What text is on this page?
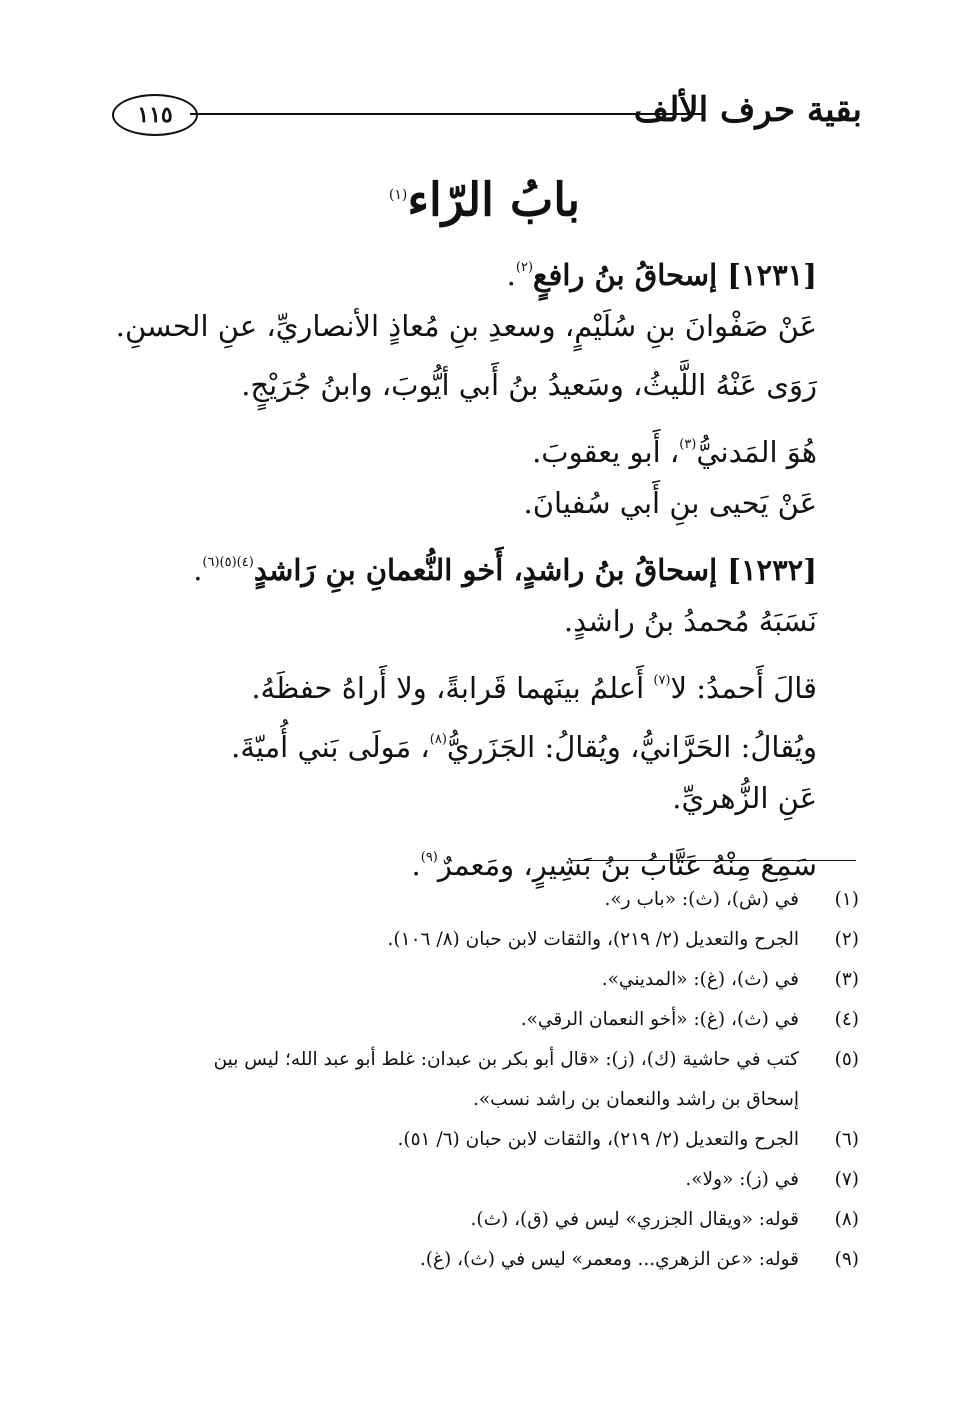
١١٥	بقية حرف الألف
بابُ الرّاء$^{(١)}$
[١٢٣١] إسحاقُ بنُ رافعٍ$^{(٢)}$.
عَنْ صَفْوانَ بنِ سُلَيْمٍ، وسعدِ بنِ مُعاذٍ الأنصاريِّ، عنِ الحسنِ.
رَوَى عَنْهُ اللَّيثُ، وسَعيدُ بنُ أَبي أيُّوبَ، وابنُ جُرَيْجٍ.
هُوَ المَدنيُّ$^{(٣)}$، أَبو يعقوبَ.
عَنْ يَحيى بنِ أَبي سُفيانَ.
[١٢٣٢] إسحاقُ بنُ راشدٍ، أَخو النُّعمانِ بنِ رَاشدٍ$^{(٤)(٥)(٦)}$.
نَسَبَهُ مُحمدُ بنُ راشدٍ.
قالَ أَحمدُ: لا$^{(٧)}$ أَعلمُ بينَهما قَرابةً، ولا أَراهُ حفظَهُ.
ويُقالُ: الحَرَّانيُّ، ويُقالُ: الجَزَريُّ$^{(٨)}$، مَولَى بَني أُميّةَ.
عَنِ الزُّهريِّ.
سَمِعَ مِنْهُ عَتَّابُ بنُ بَشِيرٍ، ومَعمرٌ$^{(٩)}$.
(١)
في (ش)، (ث): «باب ر».
(٢)
الجرح والتعديل (٢/ ٢١٩)، والثقات لابن حبان (٨/ ١٠٦).
(٣)
في (ث)، (غ): «المديني».
(٤)
في (ث)، (غ): «أخو النعمان الرقي».
(٥)
كتب في حاشية (ك)، (ز): «قال أبو بكر بن عبدان: غلط أبو عبد الله؛ ليس بين
إسحاق بن راشد والنعمان بن راشد نسب».
(٦)
الجرح والتعديل (٢/ ٢١٩)، والثقات لابن حبان (٦/ ٥١).
(٧)
في (ز): «ولا».
(٨)
قوله: «ويقال الجزري» ليس في (ق)، (ث).
(٩)
قوله: «عن الزهري... ومعمر» ليس في (ث)، (غ).
